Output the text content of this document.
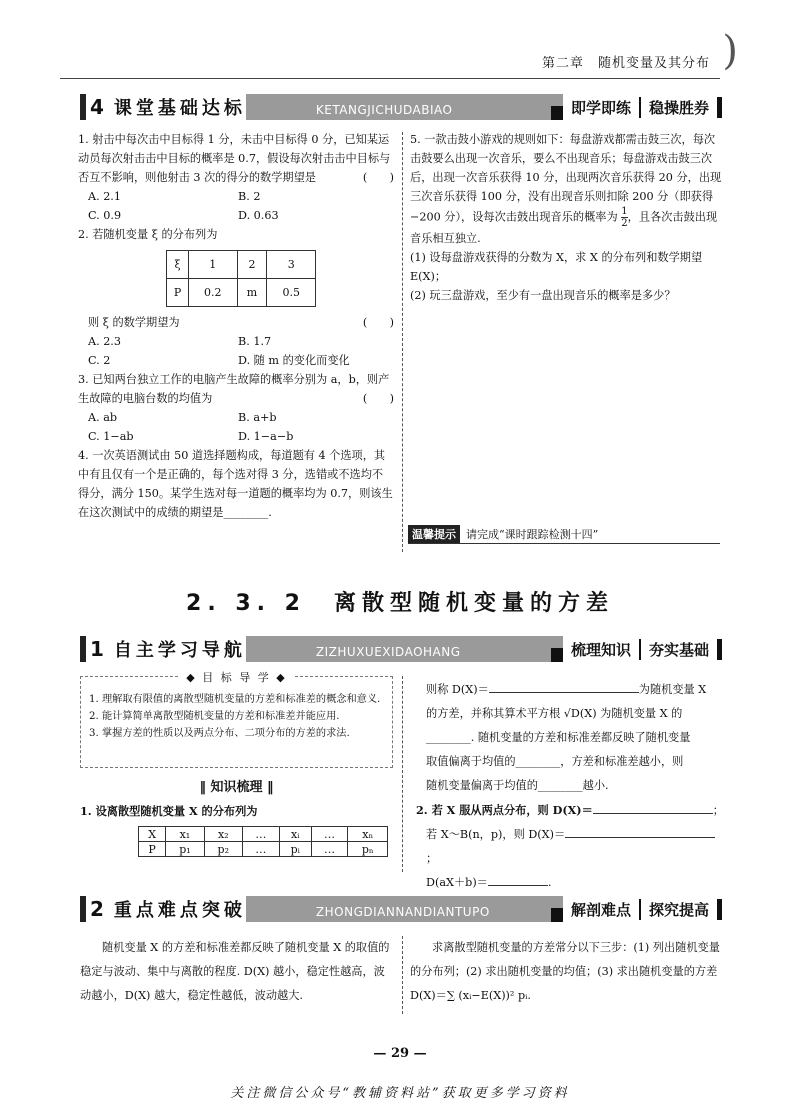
第二章　随机变量及其分布 )
4 课堂基础达标	KETANGJICHUDABIAO	即学即练	稳操胜券

1. 射击中每次击中目标得 1 分，未击中目标得 0 分，已知某运动员每次射击击中目标的概率是 0.7，假设每次射击击中目标与否互不影响，则他射击 3 次的得分的数学期望是	(　　)

A. 2.1	B. 2
C. 0.9	D. 0.63

2. 若随机变量 ξ 的分布列为

ξ	1	2	3
P	0.2	m	0.5

则 ξ 的数学期望为	(　　)

A. 2.3	B. 1.7
C. 2	D. 随 m 的变化而变化

3. 已知两台独立工作的电脑产生故障的概率分别为 a，b，则产生故障的电脑台数的均值为	(　　)

A. ab	B. a+b
C. 1−ab	D. 1−a−b

4. 一次英语测试由 50 道选择题构成，每道题有 4 个选项，其中有且仅有一个是正确的，每个选对得 3 分，选错或不选均不得分，满分 150。某学生选对每一道题的概率均为 0.7，则该生在这次测试中的成绩的期望是________.

5. 一款击鼓小游戏的规则如下：每盘游戏都需击鼓三次，每次击鼓要么出现一次音乐，要么不出现音乐；每盘游戏击鼓三次后，出现一次音乐获得 10 分，出现两次音乐获得 20 分，出现三次音乐获得 100 分，没有出现音乐则扣除 200 分（即获得 −200 分），设每次击鼓出现音乐的概率为 $\frac{1}{2}$ ，且各次击鼓出现音乐相互独立.

(1) 设每盘游戏获得的分数为 X，求 X 的分布列和数学期望 E(X)；

(2) 玩三盘游戏，至少有一盘出现音乐的概率是多少？

温馨提示 请完成“课时跟踪检测十四”
2. 3. 2　离散型随机变量的方差
1 自主学习导航	ZIZHUXUEXIDAOHANG	梳理知识	夯实基础
◆ 目 标 导 学 ◆
1. 理解取有限值的离散型随机变量的方差和标准差的概念和意义.
2. 能计算简单离散型随机变量的方差和标准差并能应用.
3. 掌握方差的性质以及两点分布、二项分布的方差的求法.
‖ 知识梳理 ‖
1. 设离散型随机变量 X 的分布列为
X	x₁	x₂	…	xᵢ	…	xₙ
P	p₁	p₂	…	pᵢ	…	pₙ

则称 D(X)＝	为随机变量 X

的方差，并称其算术平方根 √D(X) 为随机变量 X 的

________. 随机变量的方差和标准差都反映了随机变量

取值偏离于均值的________，方差和标准差越小，则

随机变量偏离于均值的________越小.

2. 若 X 服从两点分布，则 D(X)＝	；

若 X～B(n，p)，则 D(X)＝；

D(aX＋b)＝	.

2 重点难点突破	ZHONGDIANNANDIANTUPO	解剖难点	探究提高
随机变量 X 的方差和标准差都反映了随机变量 X 的取值的稳定与波动、集中与离散的程度. D(X) 越小，稳定性越高，波动越小，D(X) 越大，稳定性越低，波动越大.
求离散型随机变量的方差常分以下三步：(1) 列出随机变量的分布列；(2) 求出随机变量的均值；(3) 求出随机变量的方差 D(X)＝∑ (xᵢ−E(X))² pᵢ.
— 29 —
关注微信公众号“教辅资料站”获取更多学习资料
